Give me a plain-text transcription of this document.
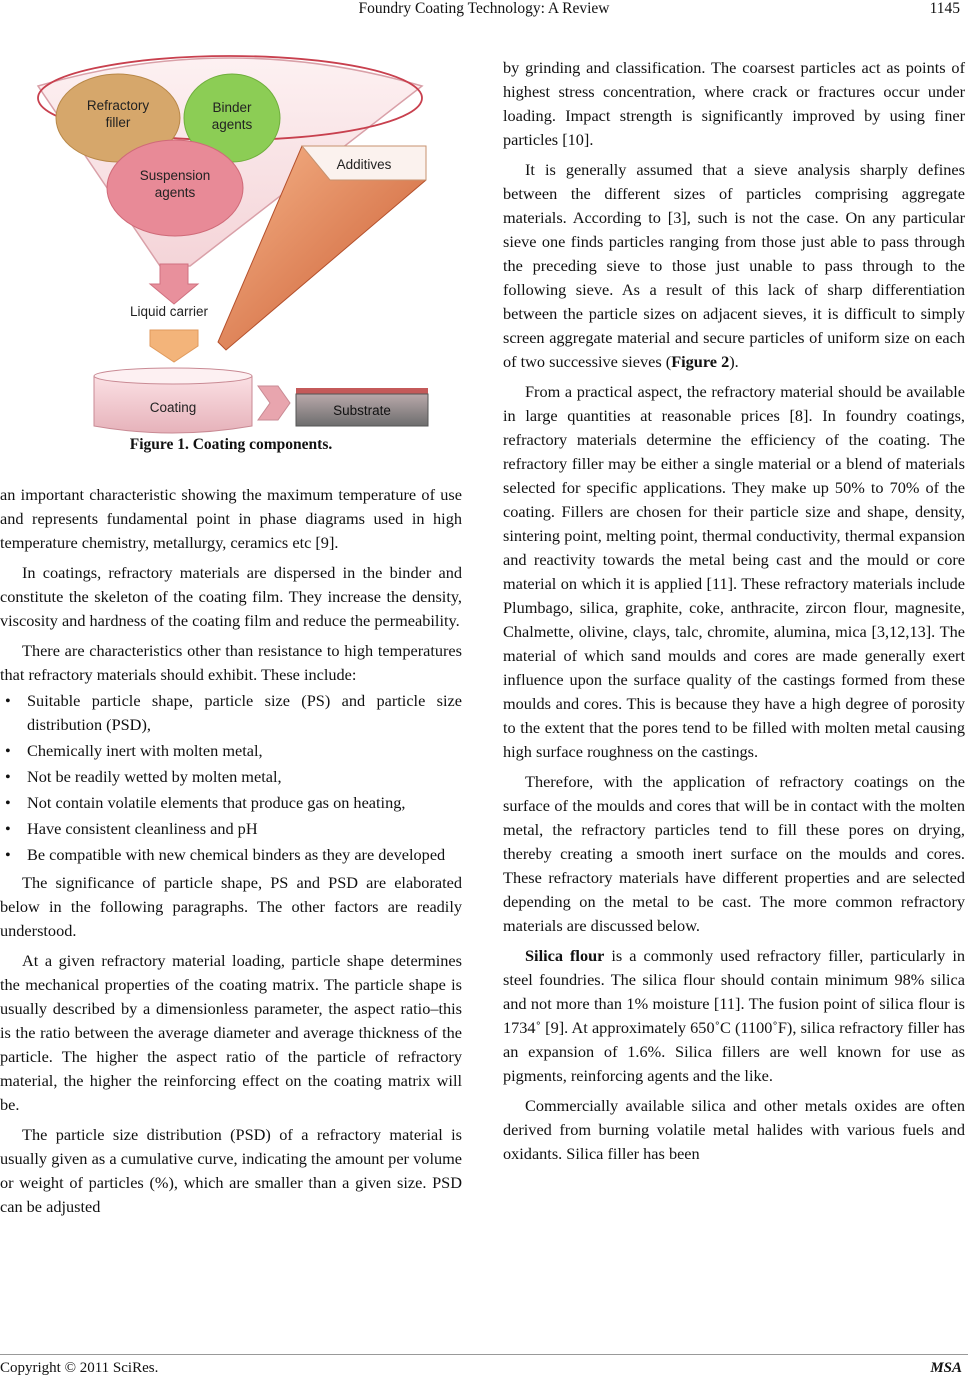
Foundry Coating Technology: A Review	1145
Refractory
filler
Binder
agents
Suspension
agents
Additives
Liquid carrier
Coating	Substrate
Figure 1. Coating components.

an important characteristic showing the maximum temperature of use and represents fundamental point in phase diagrams used in high temperature chemistry, metallurgy, ceramics etc [9].

In coatings, refractory materials are dispersed in the binder and constitute the skeleton of the coating film. They increase the density, viscosity and hardness of the coating film and reduce the permeability.

There are characteristics other than resistance to high temperatures that refractory materials should exhibit. These include:

• Suitable particle shape, particle size (PS) and particle size distribution (PSD),
• Chemically inert with molten metal,
• Not be readily wetted by molten metal,
• Not contain volatile elements that produce gas on heating,
• Have consistent cleanliness and pH
• Be compatible with new chemical binders as they are developed

The significance of particle shape, PS and PSD are elaborated below in the following paragraphs. The other factors are readily understood.

At a given refractory material loading, particle shape determines the mechanical properties of the coating matrix. The particle shape is usually described by a dimensionless parameter, the aspect ratio–this is the ratio between the average diameter and average thickness of the particle. The higher the aspect ratio of the particle of refractory material, the higher the reinforcing effect on the coating matrix will be.

The particle size distribution (PSD) of a refractory material is usually given as a cumulative curve, indicating the amount per volume or weight of particles (%), which are smaller than a given size. PSD can be adjusted

by grinding and classification. The coarsest particles act as points of highest stress concentration, where crack or fractures occur under loading. Impact strength is significantly improved by using finer particles [10].

It is generally assumed that a sieve analysis sharply defines between the different sizes of particles comprising aggregate materials. According to [3], such is not the case. On any particular sieve one finds particles ranging from those just able to pass through the preceding sieve to those just unable to pass through to the following sieve. As a result of this lack of sharp differentiation between the particle sizes on adjacent sieves, it is difficult to simply screen aggregate material and secure particles of uniform size on each of two successive sieves (Figure 2).

From a practical aspect, the refractory material should be available in large quantities at reasonable prices [8]. In foundry coatings, refractory materials determine the efficiency of the coating. The refractory filler may be either a single material or a blend of materials selected for specific applications. They make up 50% to 70% of the coating. Fillers are chosen for their particle size and shape, density, sintering point, melting point, thermal conductivity, thermal expansion and reactivity towards the metal being cast and the mould or core material on which it is applied [11]. These refractory materials include Plumbago, silica, graphite, coke, anthracite, zircon flour, magnesite, Chalmette, olivine, clays, talc, chromite, alumina, mica [3,12,13]. The material of which sand moulds and cores are made generally exert influence upon the surface quality of the castings formed from these moulds and cores. This is because they have a high degree of porosity to the extent that the pores tend to be filled with molten metal causing high surface roughness on the castings.

Therefore, with the application of refractory coatings on the surface of the moulds and cores that will be in contact with the molten metal, the refractory particles tend to fill these pores on drying, thereby creating a smooth inert surface on the moulds and cores. These refractory materials have different properties and are selected depending on the metal to be cast. The more common refractory materials are discussed below.

Silica flour is a commonly used refractory filler, particularly in steel foundries. The silica flour should contain minimum 98% silica and not more than 1% moisture [11]. The fusion point of silica flour is 1734˚ [9]. At approximately 650˚C (1100˚F), silica refractory filler has an expansion of 1.6%. Silica fillers are well known for use as pigments, reinforcing agents and the like.

Commercially available silica and other metals oxides are often derived from burning volatile metal halides with various fuels and oxidants. Silica filler has been

Copyright © 2011 SciRes.	MSA
